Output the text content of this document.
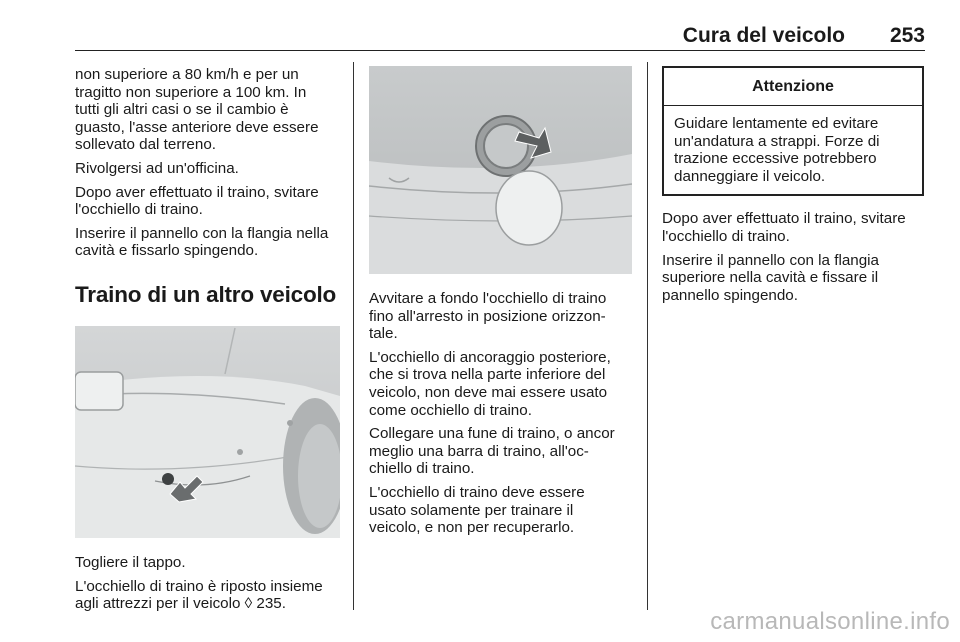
Cura del veicolo 253

non superiore a 80 km/h e per un
tragitto non superiore a 100 km. In
tutti gli altri casi o se il cambio è
guasto, l'asse anteriore deve essere
sollevato dal terreno.

Rivolgersi ad un'officina.

Dopo aver effettuato il traino, svitare
l'occhiello di traino.

Inserire il pannello con la flangia nella
cavità e fissarlo spingendo.

Traino di un altro veicolo

Togliere il tappo.

L'occhiello di traino è riposto insieme
agli attrezzi per il veicolo ◊ 235.

Avvitare a fondo l'occhiello di traino
fino all'arresto in posizione orizzon-
tale.

L'occhiello di ancoraggio posteriore,
che si trova nella parte inferiore del
veicolo, non deve mai essere usato
come occhiello di traino.

Collegare una fune di traino, o ancor
meglio una barra di traino, all'oc-
chiello di traino.

L'occhiello di traino deve essere
usato solamente per trainare il
veicolo, e non per recuperarlo.

Attenzione
Guidare lentamente ed evitare
un'andatura a strappi. Forze di
trazione eccessive potrebbero
danneggiare il veicolo.

Dopo aver effettuato il traino, svitare
l'occhiello di traino.

Inserire il pannello con la flangia
superiore nella cavità e fissare il
pannello spingendo.

carmanualsonline.info
